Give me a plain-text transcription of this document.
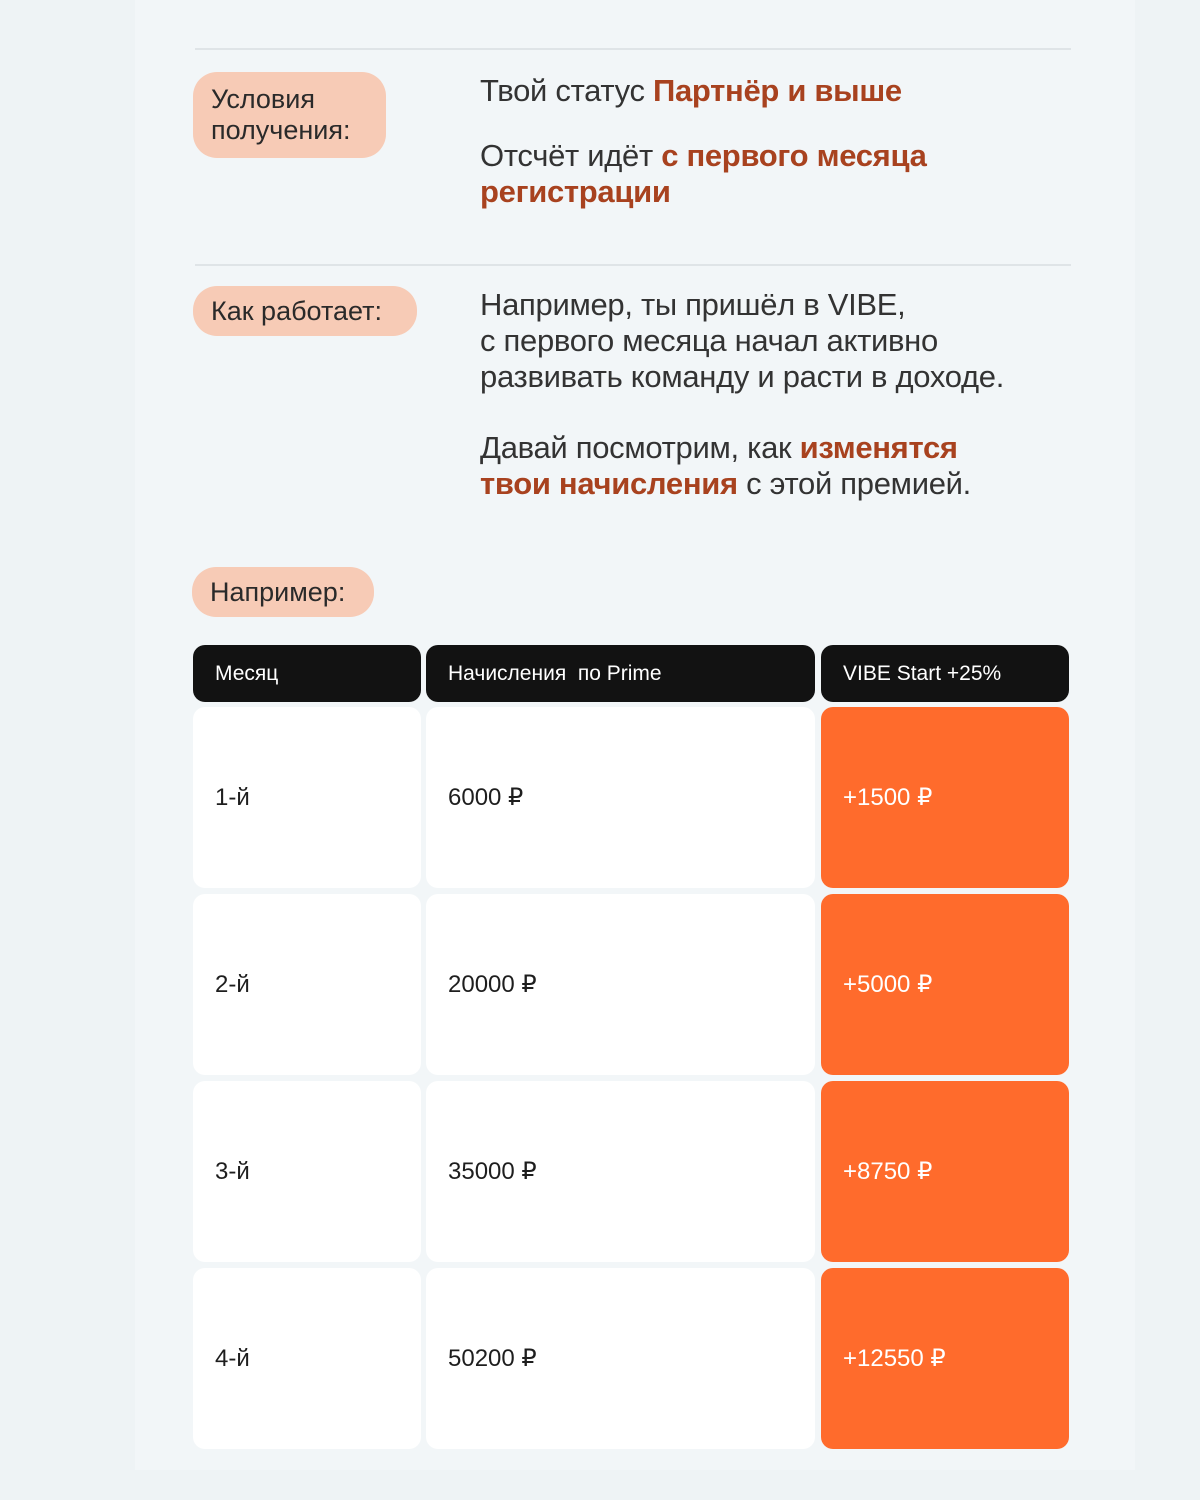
Условия получения:
Твой статус Партнёр и выше
Отсчёт идёт с первого месяца регистрации
Как работает:	Например, ты пришёл в VIBE,
с первого месяца начал активно
развивать команду и расти в доходе.
Давай посмотрим, как изменятся твои начисления с этой премией.
Например:
Месяц	Начисления  по Prime	VIBE Start +25%
1-й	6000 ₽	+1500 ₽
2-й	20000 ₽	+5000 ₽
3-й	35000 ₽	+8750 ₽
4-й	50200 ₽	+12550 ₽
